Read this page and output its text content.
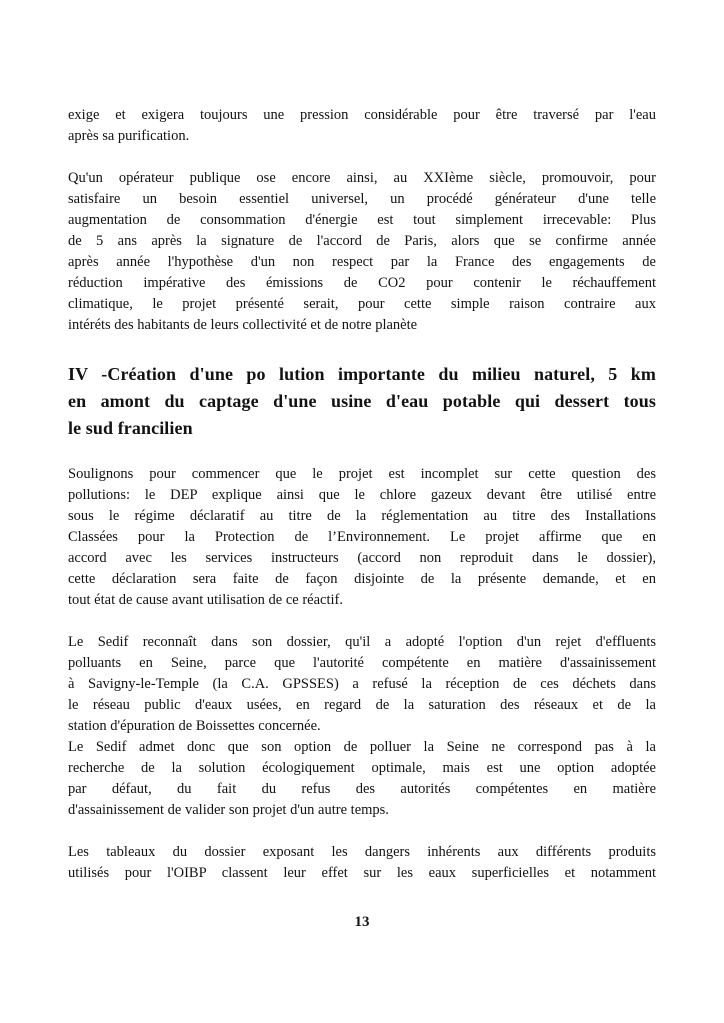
exige et exigera toujours une pression considérable pour être traversé par l'eau
après sa purification.
Qu'un opérateur publique ose encore ainsi, au XXIème siècle, promouvoir, pour
satisfaire un besoin essentiel universel, un procédé générateur d'une telle
augmentation de consommation d'énergie est tout simplement irrecevable: Plus
de 5 ans après la signature de l'accord de Paris, alors que se confirme année
après année l'hypothèse d'un non respect par la France des engagements de
réduction impérative des émissions de CO2 pour contenir le réchauffement
climatique, le projet présenté serait, pour cette simple raison contraire aux
intéréts des habitants de leurs collectivité et de notre planète
IV -Création d'une po lution importante du milieu naturel, 5 km
en amont du captage d'une usine d'eau potable qui dessert tous
le sud francilien
Soulignons pour commencer que le projet est incomplet sur cette question des
pollutions: le DEP explique ainsi que le chlore gazeux devant être utilisé entre
sous le régime déclaratif au titre de la réglementation au titre des Installations
Classées pour la Protection de l’Environnement. Le projet affirme que en
accord avec les services instructeurs (accord non reproduit dans le dossier),
cette déclaration sera faite de façon disjointe de la présente demande, et en
tout état de cause avant utilisation de ce réactif.
Le Sedif reconnaît dans son dossier, qu'il a adopté l'option d'un rejet d'effluents
polluants en Seine, parce que l'autorité compétente en matière d'assainissement
à Savigny-le-Temple (la C.A. GPSSES) a refusé la réception de ces déchets dans
le réseau public d'eaux usées, en regard de la saturation des réseaux et de la
station d'épuration de Boissettes concernée.
Le Sedif admet donc que son option de polluer la Seine ne correspond pas à la
recherche de la solution écologiquement optimale, mais est une option adoptée
par défaut, du fait du refus des autorités compétentes en matière
d'assainissement de valider son projet d'un autre temps.
Les tableaux du dossier exposant les dangers inhérents aux différents produits
utilisés pour l'OIBP classent leur effet sur les eaux superficielles et notamment
13
